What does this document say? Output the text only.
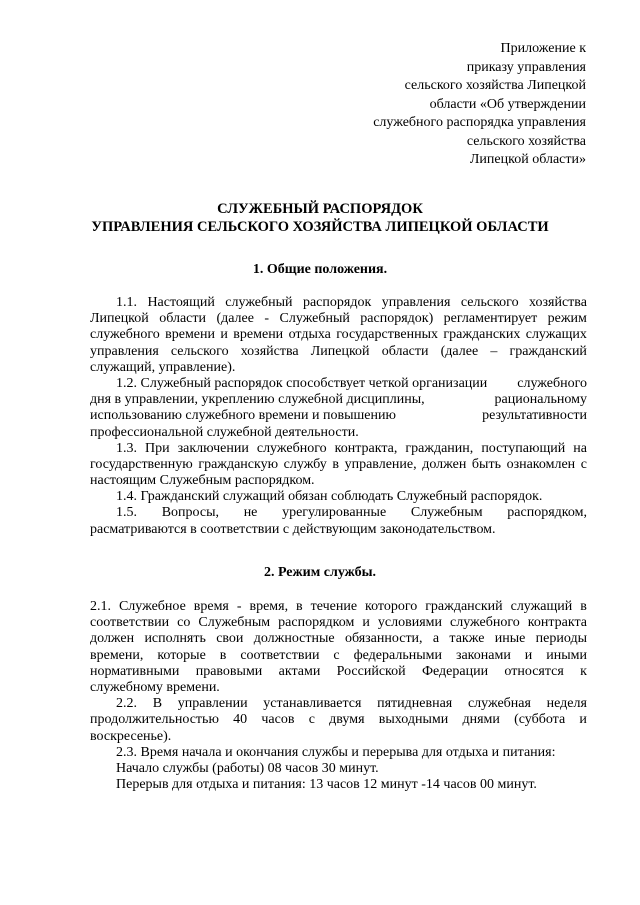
Приложение к
приказу управления
сельского хозяйства Липецкой
области «Об утверждении
служебного распорядка управления
сельского хозяйства
Липецкой области»
СЛУЖЕБНЫЙ РАСПОРЯДОК
УПРАВЛЕНИЯ СЕЛЬСКОГО ХОЗЯЙСТВА ЛИПЕЦКОЙ ОБЛАСТИ
1. Общие положения.
1.1. Настоящий служебный распорядок управления сельского хозяйства
Липецкой области (далее - Служебный распорядок) регламентирует режим
служебного времени и времени отдыха государственных гражданских служащих
управления сельского хозяйства Липецкой области (далее – гражданский
служащий, управление).
1.2. Служебный распорядок способствует четкой организации служебного
дня в управлении, укреплению служебной дисциплины,	рациональному
использованию служебного времени и повышению	результативности
профессиональной служебной деятельности.
1.3. При заключении служебного контракта, гражданин, поступающий на
государственную гражданскую службу в управление, должен быть ознакомлен с
настоящим Служебным распорядком.
1.4. Гражданский служащий обязан соблюдать Служебный распорядок.
1.5. Вопросы, не урегулированные Служебным распорядком,
расматриваются в соответствии с действующим законодательством.
2. Режим службы.
2.1. Служебное время - время, в течение которого гражданский служащий в
соответствии со Служебным распорядком и условиями служебного контракта
должен исполнять свои должностные обязанности, а также иные периоды
времени, которые в соответствии с федеральными законами и иными
нормативными правовыми актами Российской Федерации относятся к
служебному времени.
2.2. В управлении устанавливается пятидневная служебная неделя
продолжительностью 40 часов с двумя выходными днями (суббота и
воскресенье).
2.3. Время начала и окончания службы и перерыва для отдыха и питания:
Начало службы (работы) 08 часов 30 минут.
Перерыв для отдыха и питания: 13 часов 12 минут -14 часов 00 минут.
